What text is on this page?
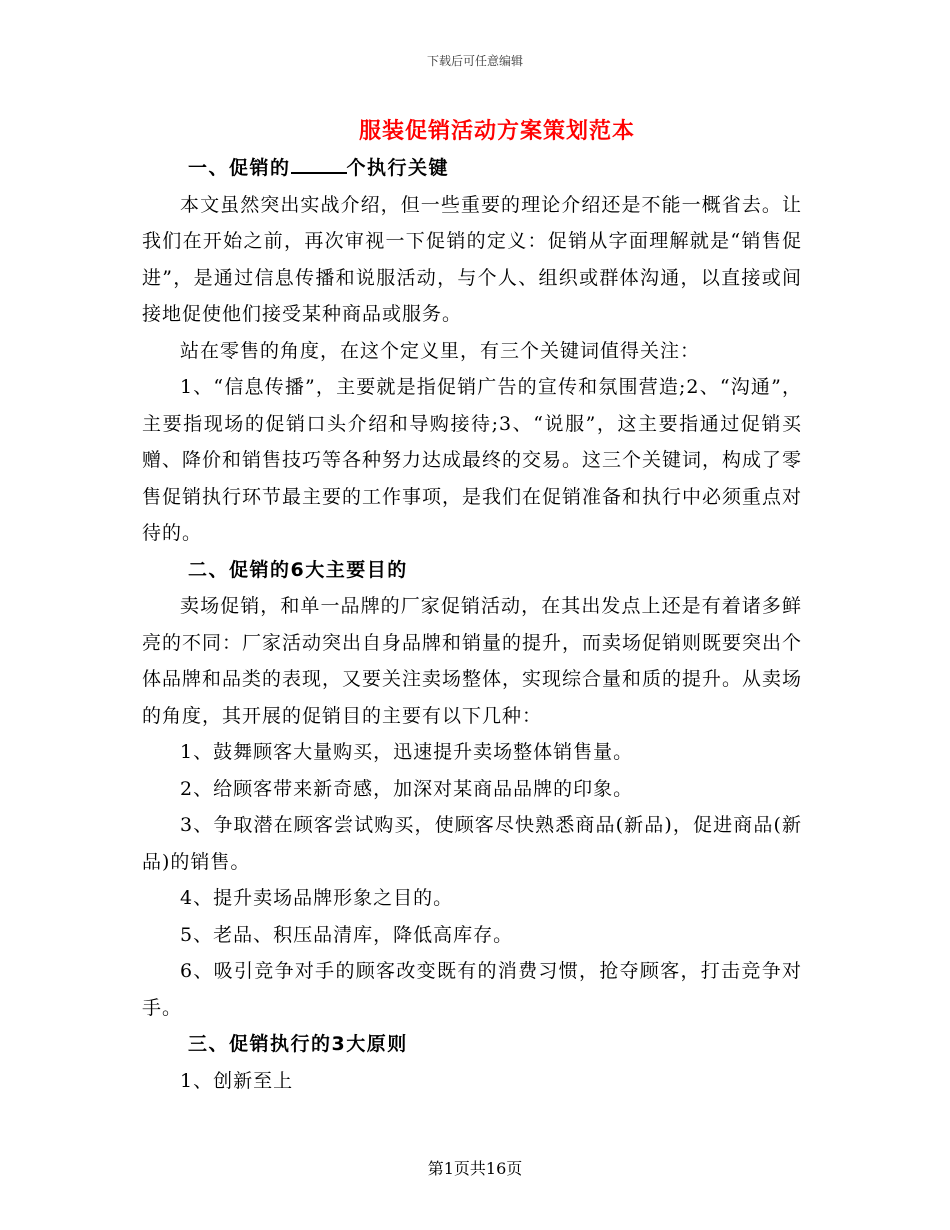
下载后可任意编辑
服装促销活动方案策划范本

一、促销的	个执行关键

本文虽然突出实战介绍，但一些重要的理论介绍还是不能一概省去。让我们在开始之前，再次审视一下促销的定义：促销从字面理解就是“销售促进”，是通过信息传播和说服活动，与个人、组织或群体沟通，以直接或间接地促使他们接受某种商品或服务。

站在零售的角度，在这个定义里，有三个关键词值得关注：

1、“信息传播”，主要就是指促销广告的宣传和氛围营造;2、“沟通”，主要指现场的促销口头介绍和导购接待;3、“说服”，这主要指通过促销买赠、降价和销售技巧等各种努力达成最终的交易。这三个关键词，构成了零售促销执行环节最主要的工作事项，是我们在促销准备和执行中必须重点对待的。

二、促销的6大主要目的

卖场促销，和单一品牌的厂家促销活动，在其出发点上还是有着诸多鲜亮的不同：厂家活动突出自身品牌和销量的提升，而卖场促销则既要突出个体品牌和品类的表现，又要关注卖场整体，实现综合量和质的提升。从卖场的角度，其开展的促销目的主要有以下几种：

1、鼓舞顾客大量购买，迅速提升卖场整体销售量。

2、给顾客带来新奇感，加深对某商品品牌的印象。

3、争取潜在顾客尝试购买，使顾客尽快熟悉商品(新品)，促进商品(新品)的销售。

4、提升卖场品牌形象之目的。

5、老品、积压品清库，降低高库存。

6、吸引竞争对手的顾客改变既有的消费习惯，抢夺顾客，打击竞争对手。

三、促销执行的3大原则

1、创新至上

第1页共16页
